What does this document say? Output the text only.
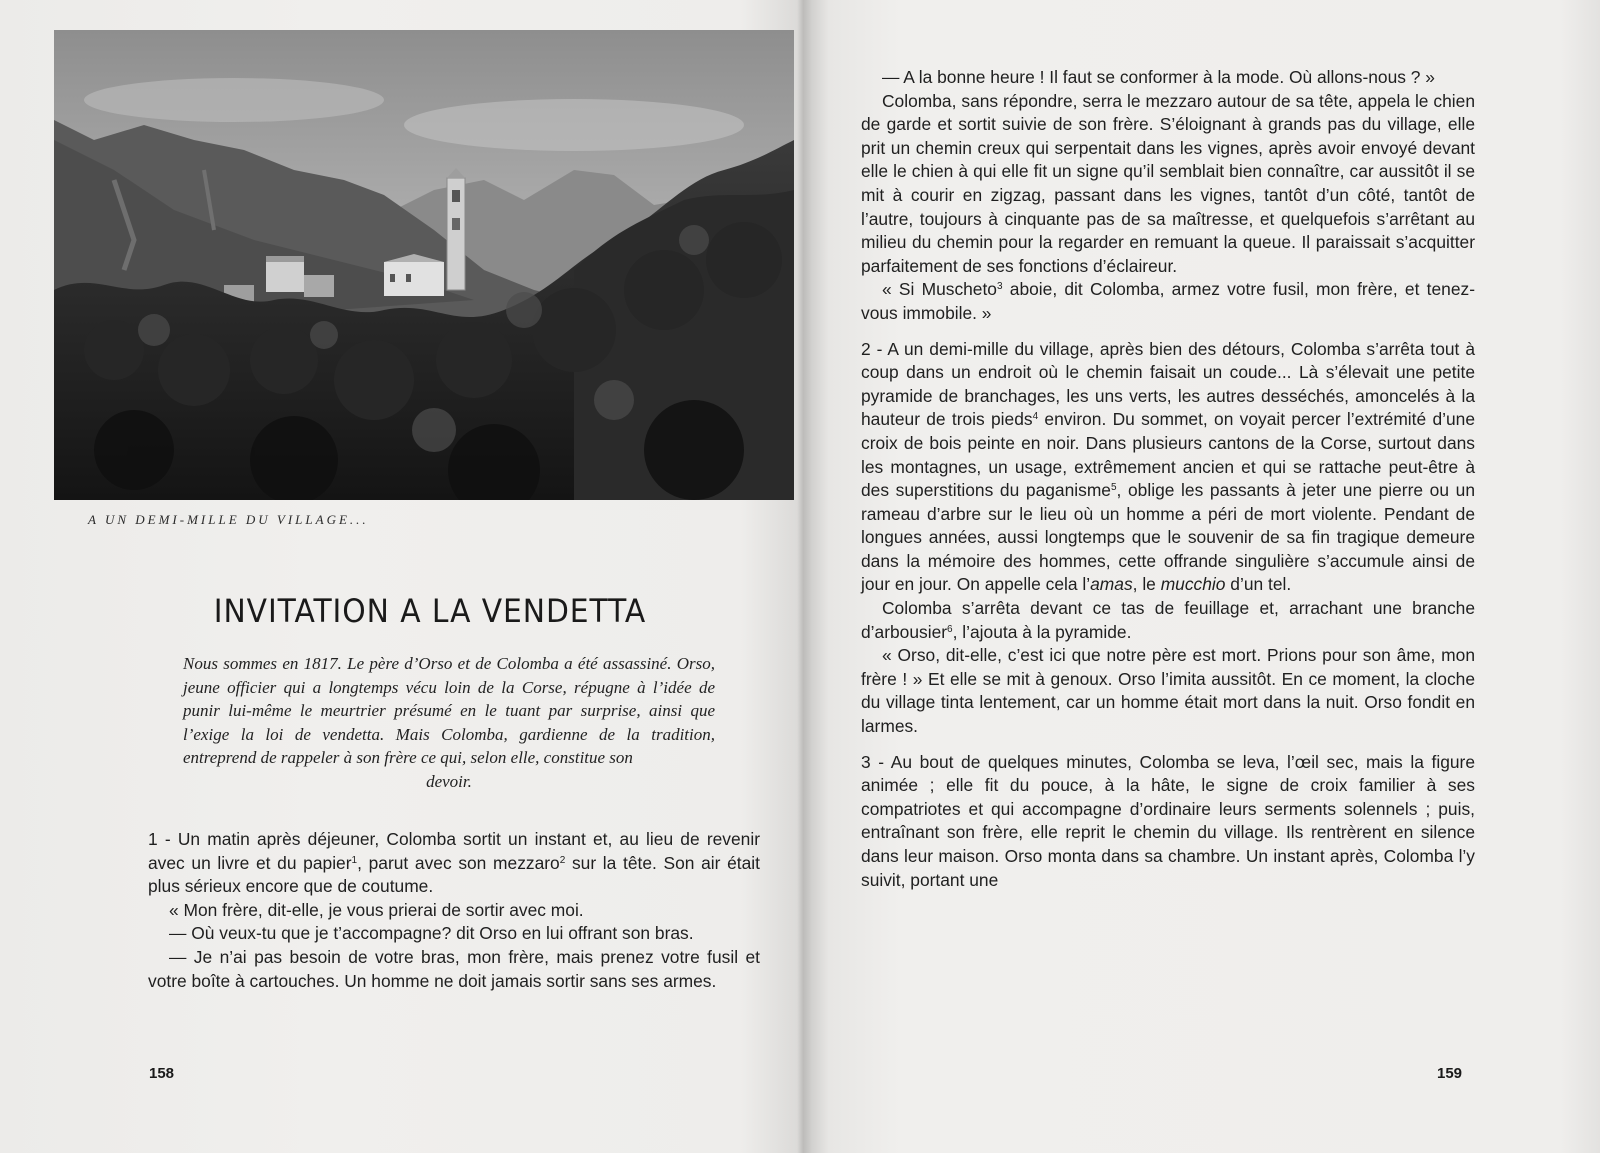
A UN DEMI-MILLE DU VILLAGE...
INVITATION A LA VENDETTA

Nous sommes en 1817. Le père d’Orso et de Colomba a été assassiné. Orso, jeune officier qui a longtemps vécu loin de la Corse, répugne à l’idée de punir lui-même le meurtrier présumé en le tuant par surprise, ainsi que l’exige la loi de vendetta. Mais Colomba, gardienne de la tradition, entreprend de rappeler à son frère ce qui, selon elle, constitue son

devoir.

1 - Un matin après déjeuner, Colomba sortit un instant et, au lieu de revenir avec un livre et du papier$^1$, parut avec son mezzaro$^2$ sur la tête. Son air était plus sérieux encore que de coutume.

« Mon frère, dit-elle, je vous prierai de sortir avec moi.

— Où veux-tu que je t’accompagne? dit Orso en lui offrant son bras.

— Je n’ai pas besoin de votre bras, mon frère, mais prenez votre fusil et votre boîte à cartouches. Un homme ne doit jamais sortir sans ses armes.

158

— A la bonne heure ! Il faut se conformer à la mode. Où allons-nous ? »

Colomba, sans répondre, serra le mezzaro autour de sa tête, appela le chien de garde et sortit suivie de son frère. S’éloignant à grands pas du village, elle prit un chemin creux qui serpentait dans les vignes, après avoir envoyé devant elle le chien à qui elle fit un signe qu’il semblait bien connaître, car aussitôt il se mit à courir en zigzag, passant dans les vignes, tantôt d’un côté, tantôt de l’autre, toujours à cinquante pas de sa maîtresse, et quelquefois s’arrêtant au milieu du chemin pour la regarder en remuant la queue. Il paraissait s’acquitter parfaitement de ses fonctions d’éclaireur.

« Si Muscheto$^3$ aboie, dit Colomba, armez votre fusil, mon frère, et tenez-vous immobile. »

2 - A un demi-mille du village, après bien des détours, Colomba s’arrêta tout à coup dans un endroit où le chemin faisait un coude... Là s’élevait une petite pyramide de branchages, les uns verts, les autres desséchés, amoncelés à la hauteur de trois pieds$^4$ environ. Du sommet, on voyait percer l’extrémité d’une croix de bois peinte en noir. Dans plusieurs cantons de la Corse, surtout dans les montagnes, un usage, extrêmement ancien et qui se rattache peut-être à des superstitions du paganisme$^5$, oblige les passants à jeter une pierre ou un rameau d’arbre sur le lieu où un homme a péri de mort violente. Pendant de longues années, aussi longtemps que le souvenir de sa fin tragique demeure dans la mémoire des hommes, cette offrande singulière s’accumule ainsi de jour en jour. On appelle cela l’amas, le mucchio d’un tel.

Colomba s’arrêta devant ce tas de feuillage et, arrachant une branche d’arbousier$^6$, l’ajouta à la pyramide.

« Orso, dit-elle, c’est ici que notre père est mort. Prions pour son âme, mon frère ! » Et elle se mit à genoux. Orso l’imita aussitôt. En ce moment, la cloche du village tinta lentement, car un homme était mort dans la nuit. Orso fondit en larmes.

3 - Au bout de quelques minutes, Colomba se leva, l’œil sec, mais la figure animée ; elle fit du pouce, à la hâte, le signe de croix familier à ses compatriotes et qui accompagne d’ordinaire leurs serments solennels ; puis, entraînant son frère, elle reprit le chemin du village. Ils rentrèrent en silence dans leur maison. Orso monta dans sa chambre. Un instant après, Colomba l’y suivit, portant une

159
